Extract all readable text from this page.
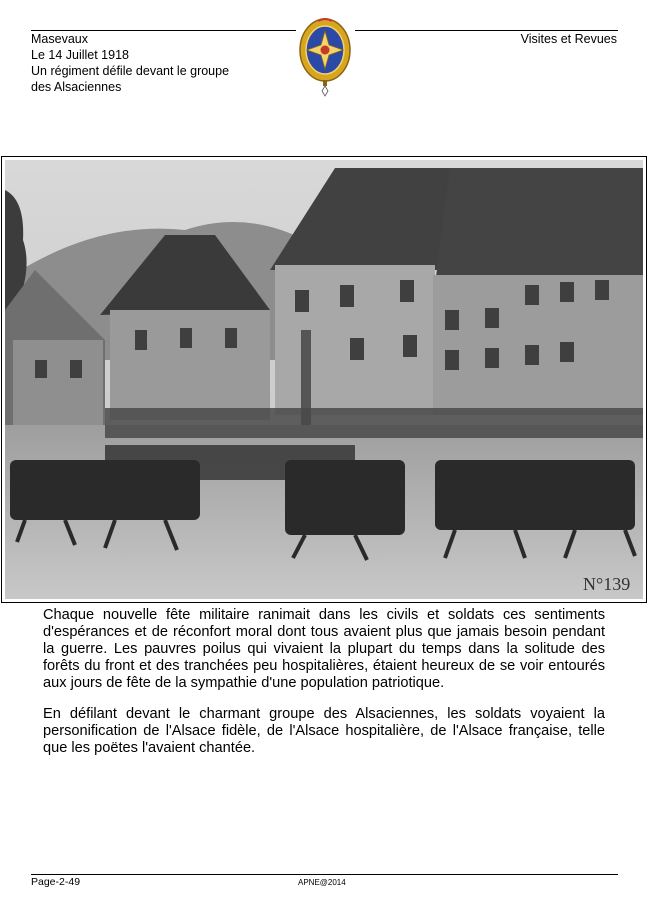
Masevaux
Le 14 Juillet 1918
Un régiment défile devant le groupe
des Alsaciennes
Visites et Revues
N°139

Chaque nouvelle fête militaire ranimait dans les civils et soldats ces sentiments d'espérances et de réconfort moral dont tous avaient plus que jamais besoin pendant la guerre. Les pauvres poilus qui vivaient la plupart du temps dans la solitude des forêts du front et des tranchées peu hospitalières, étaient heureux de se voir entourés aux jours de fête de la sympathie d'une population patriotique.

En défilant devant le charmant groupe des Alsaciennes, les soldats voyaient la personification de l'Alsace fidèle, de l'Alsace hospitalière, de l'Alsace française, telle que les poëtes l'avaient chantée.

Page-2-49	APNE@2014
